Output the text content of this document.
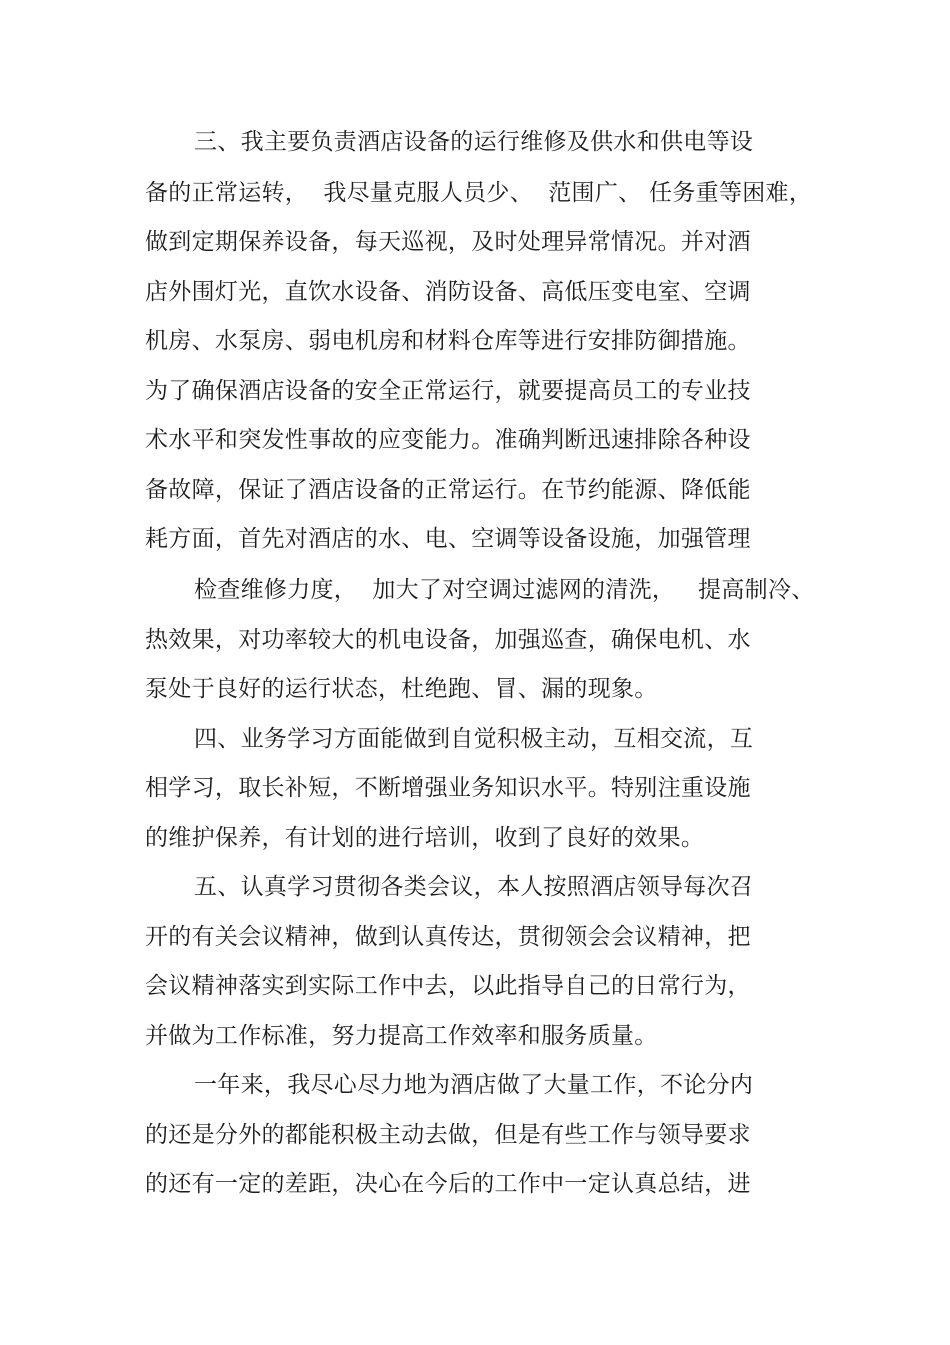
三、我主要负责酒店设备的运行维修及供水和供电等设

备的正常运转，  我尽量克服人员少、  范围广、 任务重等困难，

做到定期保养设备，每天巡视，及时处理异常情况。并对酒

店外围灯光，直饮水设备、消防设备、高低压变电室、空调

机房、水泵房、弱电机房和材料仓库等进行安排防御措施。

为了确保酒店设备的安全正常运行，就要提高员工的专业技

术水平和突发性事故的应变能力。准确判断迅速排除各种设

备故障，保证了酒店设备的正常运行。在节约能源、降低能

耗方面，首先对酒店的水、电、空调等设备设施，加强管理

检查维修力度，  加大了对空调过滤网的清洗，   提高制冷、

热效果，对功率较大的机电设备，加强巡查，确保电机、水

泵处于良好的运行状态，杜绝跑、冒、漏的现象。

四、业务学习方面能做到自觉积极主动，互相交流，互

相学习，取长补短，不断增强业务知识水平。特别注重设施

的维护保养，有计划的进行培训，收到了良好的效果。

五、认真学习贯彻各类会议，本人按照酒店领导每次召

开的有关会议精神，做到认真传达，贯彻领会会议精神，把

会议精神落实到实际工作中去，以此指导自己的日常行为，

并做为工作标准，努力提高工作效率和服务质量。

一年来，我尽心尽力地为酒店做了大量工作，不论分内

的还是分外的都能积极主动去做，但是有些工作与领导要求

的还有一定的差距，决心在今后的工作中一定认真总结，进
